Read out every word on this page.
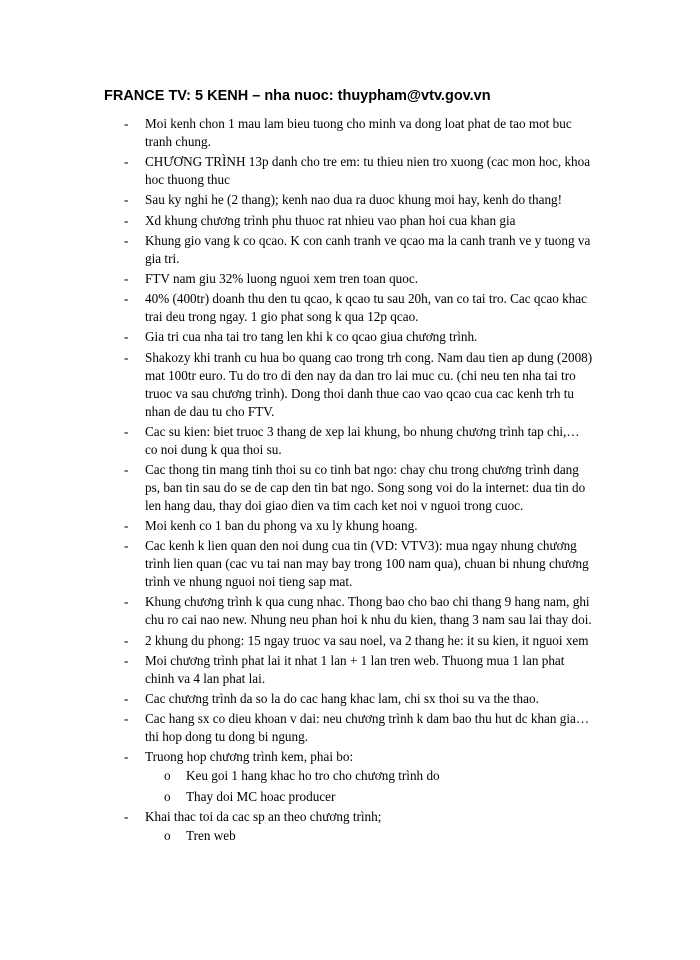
FRANCE TV: 5 KENH – nha nuoc: thuypham@vtv.gov.vn
- Moi kenh chon 1 mau lam bieu tuong cho minh va dong loat phat de tao mot buc tranh chung.
- CHƯƠNG TRÌNH 13p danh cho tre em: tu thieu nien tro xuong (cac mon hoc, khoa hoc thuong thuc
- Sau ky nghi he (2 thang); kenh nao dua ra duoc khung moi hay, kenh do thang!
- Xd khung chương trình phu thuoc rat nhieu vao phan hoi cua khan gia
- Khung gio vang k co qcao. K con canh tranh ve qcao ma la canh tranh ve y tuong va gia tri.
- FTV nam giu 32% luong nguoi xem tren toan quoc.
- 40% (400tr) doanh thu den tu qcao, k qcao tu sau 20h, van co tai tro. Cac qcao khac trai deu trong ngay. 1 gio phat song k qua 12p qcao.
- Gia tri cua nha tai tro tang len khi k co qcao giua chương trình.
- Shakozy khi tranh cu hua bo quang cao trong trh cong. Nam dau tien ap dung (2008) mat 100tr euro. Tu do tro di den nay da dan tro lai muc cu. (chi neu ten nha tai tro truoc va sau chương trình). Dong thoi danh thue cao vao qcao cua cac kenh trh tu nhan de dau tu cho FTV.
- Cac su kien: biet truoc 3 thang de xep lai khung, bo nhung chương trình tap chi,… co noi dung k qua thoi su.
- Cac thong tin mang tinh thoi su co tinh bat ngo: chay chu trong chương trình dang ps, ban tin sau do se de cap den tin bat ngo. Song song voi do la internet: dua tin do len hang dau, thay doi giao dien va tim cach ket noi v nguoi trong cuoc.
- Moi kenh co 1 ban du phong va xu ly khung hoang.
- Cac kenh k lien quan den noi dung cua tin (VD: VTV3): mua ngay nhung chương trình lien quan (cac vu tai nan may bay trong 100 nam qua), chuan bi nhung chương trình ve nhung nguoi noi tieng sap mat.
- Khung chương trình k qua cung nhac. Thong bao cho bao chi thang 9 hang nam, ghi chu ro cai nao new. Nhung neu phan hoi k nhu du kien, thang 3 nam sau lai thay doi.
- 2 khung du phong: 15 ngay truoc va sau noel, va 2 thang he: it su kien, it nguoi xem
- Moi chương trình phat lai it nhat 1 lan + 1 lan tren web. Thuong mua 1 lan phat chinh va 4 lan phat lai.
- Cac chương trình da so la do cac hang khac lam, chi sx thoi su va the thao.
- Cac hang sx co dieu khoan v dai: neu chương trình k dam bao thu hut dc khan gia… thi hop dong tu dong bi ngung.
- Truong hop chương trình kem, phai bo:
o Keu goi 1 hang khac ho tro cho chương trình do
o Thay doi MC hoac producer
- Khai thac toi da cac sp an theo chương trình;
o Tren web
